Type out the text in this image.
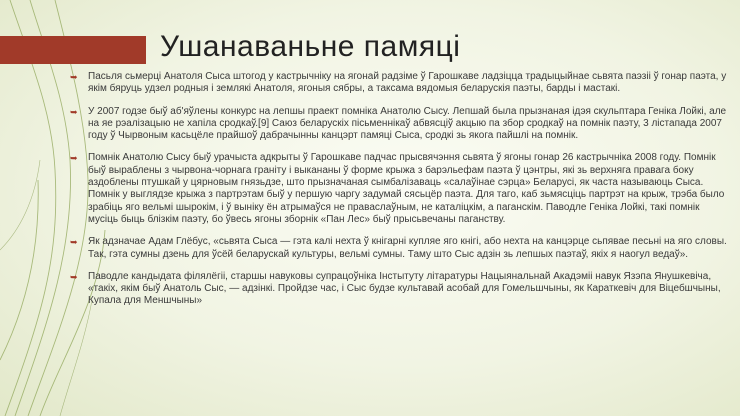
Ушанаваньне памяці
➥ Пасьля сьмерці Анатоля Сыса штогод у кастрычніку на ягонай радзіме ў Гарошкаве ладзіцца традыцыйнае сьвята паэзіі ў гонар паэта, у якім бяруць удзел родныя і землякі Анатоля, ягоныя сябры, а таксама вядомыя беларускія паэты, барды і мастакі.
➥ У 2007 годзе быў аб'яўлены конкурс на лепшы праект помніка Анатолю Сысу. Лепшай была прызнаная ідэя скульптара Геніка Лойкі, але на яе рэалізацыю не хапіла сродкаў.[9] Саюз беларускіх пісьменнікаў абвясціў акцыю па збор сродкаў на помнік паэту, 3 лістапада 2007 году ў Чырвоным касьцёле прайшоў дабрачынны канцэрт памяці Сыса, сродкі зь якога пайшлі на помнік.
➥ Помнік Анатолю Сысу быў урачыста адкрыты ў Гарошкаве падчас прысвячэння сьвята ў ягоны гонар 26 кастрычніка 2008 году. Помнік быў выраблены з чырвона-чорнага граніту і выкананы ў форме крыжа з барэльефам паэта ў цэнтры, які зь верхняга правага боку аздоблены птушкай у цярновым гнязьдзе, што прызначаная сымбалізаваць «салаўінае сэрца» Беларусі, як часта называюць Сыса. Помнік у выглядзе крыжа з партрэтам быў у першую чаргу задумай сясьцёр паэта. Для таго, каб зьмясціць партрэт на крыж, трэба было зрабіць яго вельмі шырокім, і ў выніку ён атрымаўся не праваслаўным, не каталіцкім, а паганскім. Паводле Геніка Лойкі, такі помнік мусіць быць блізкім паэту, бо ўвесь ягоны зборнік «Пан Лес» быў прысьвечаны паганству.
➥ Як адзначае Адам Глёбус, «сьвята Сыса — гэта калі нехта ў кнігарні купляе яго кнігі, або нехта на канцэрце сьпявае песьні на яго словы. Так, гэта сумны дзень для ўсёй беларускай культуры, вельмі сумны. Таму што Сыс адзін зь лепшых паэтаў, якіх я наогул ведаў».
➥ Паводле кандыдата філялёгіі, старшы навуковы супрацоўніка Інстытуту літаратуры Нацыянальнай Акадэміі навук Язэпа Янушкевіча, «такіх, якім быў Анатоль Сыс, — адзінкі. Пройдзе час, і Сыс будзе культавай асобай для Гомельшчыны, як Караткевіч для Віцебшчыны, Купала для Меншчыны»
